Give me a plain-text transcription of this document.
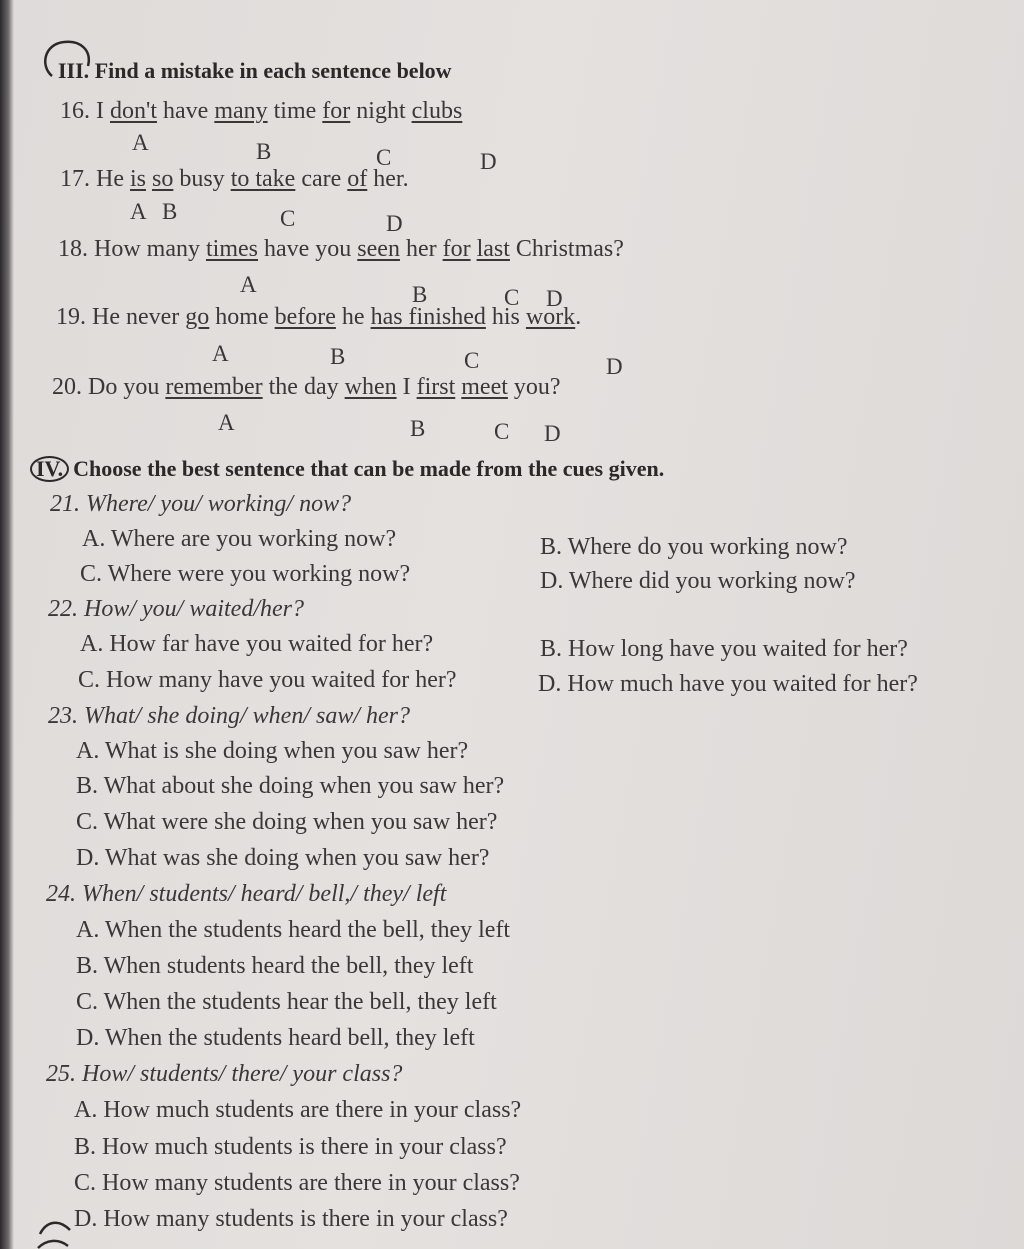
III. Find a mistake in each sentence below
16. I don't have many time for night clubs
A	B	C	D
17. He is so busy to take care of her.
A B	C	D
18. How many times have you seen her for last Christmas?
A	B	C D
19. He never go home before he has finished his work.
A	B	C	D
20. Do you remember the day when I first meet you?
A	B	C D
IV. Choose the best sentence that can be made from the cues given.
21. Where/ you/ working/ now?
A. Where are you working now?	B. Where do you working now?
C. Where were you working now?	D. Where did you working now?
22. How/ you/ waited/her?
A. How far have you waited for her?	B. How long have you waited for her?
C. How many have you waited for her?	D. How much have you waited for her?
23. What/ she doing/ when/ saw/ her?
A. What is she doing when you saw her?
B. What about she doing when you saw her?
C. What were she doing when you saw her?
D. What was she doing when you saw her?
24. When/ students/ heard/ bell,/ they/ left
A. When the students heard the bell, they left
B. When students heard the bell, they left
C. When the students hear the bell, they left
D. When the students heard bell, they left
25. How/ students/ there/ your class?
A. How much students are there in your class?
B. How much students is there in your class?
C. How many students are there in your class?
D. How many students is there in your class?
